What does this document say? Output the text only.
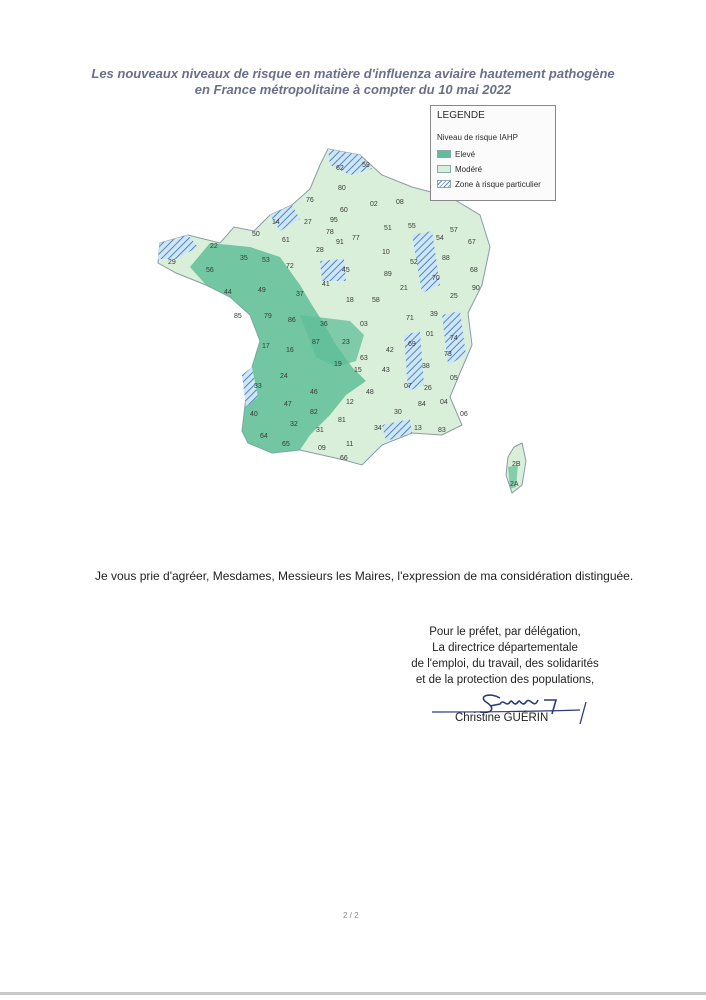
Les nouveaux niveaux de risque en matière d'influenza aviaire hautement pathogène
en France métropolitaine à compter du 10 mai 2022
59
62
80
76
60
02	08
14	27	95
78
91
77
51 55
54
57
67
50
61
22
29
56
35 53
72
28
45
10
52
88
68
44	49
37
41
18	58
21
70
25
90
39
71
89
85	79
86
36	03
17
16
87	23
63
42
69
01
74
73
38
24
19
15	43
07 26
05
33
46
12
48
30
84 04
06
40
47
82
81
34	13 83
64
32
31
11
65
09
66
2B
2A
LEGENDE
Niveau de risque IAHP
Elevé
Modéré
Zone à risque particulier
Je vous prie d'agréer, Mesdames, Messieurs les Maires, l'expression de ma considération distinguée.
Pour le préfet, par délégation,
La directrice départementale
de l'emploi, du travail, des solidarités
et de la protection des populations,
Christine GUÉRIN
2 / 2
